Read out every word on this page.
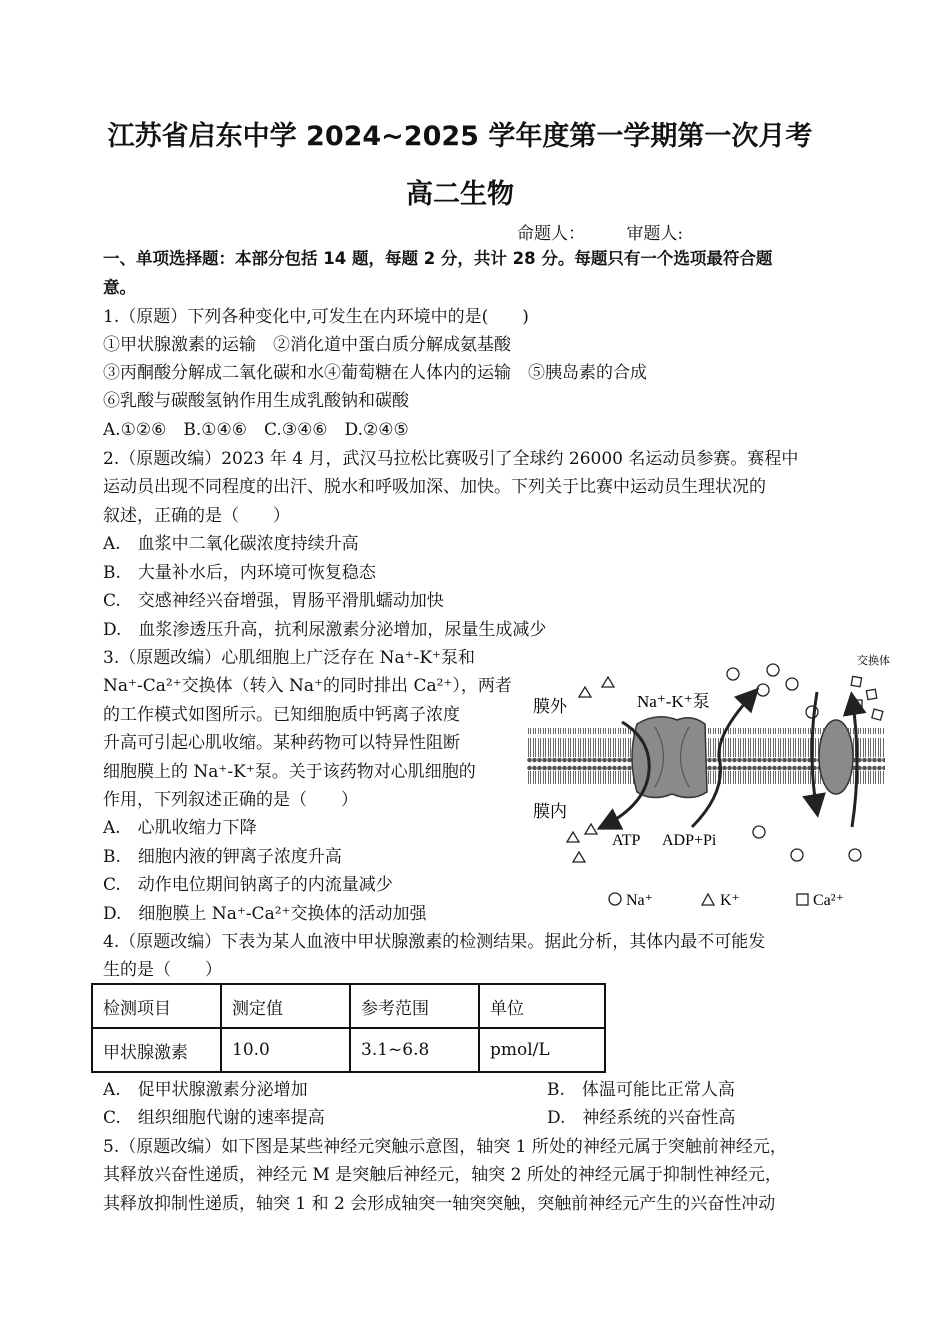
江苏省启东中学 2024~2025 学年度第一学期第一次月考
高二生物
命题人： 审题人:
一、单项选择题：本部分包括 14 题，每题 2 分，共计 28 分。每题只有一个选项最符合题
意。
1.（原题）下列各种变化中,可发生在内环境中的是(　　)
①甲状腺激素的运输　②消化道中蛋白质分解成氨基酸
③丙酮酸分解成二氧化碳和水④葡萄糖在人体内的运输　⑤胰岛素的合成
⑥乳酸与碳酸氢钠作用生成乳酸钠和碳酸
A.①②⑥　B.①④⑥　C.③④⑥　D.②④⑤
2.（原题改编）2023 年 4 月，武汉马拉松比赛吸引了全球约 26000 名运动员参赛。赛程中
运动员出现不同程度的出汗、脱水和呼吸加深、加快。下列关于比赛中运动员生理状况的
叙述，正确的是（　　）
A.　血浆中二氧化碳浓度持续升高
B.　大量补水后，内环境可恢复稳态
C.　交感神经兴奋增强，胃肠平滑肌蠕动加快
D.　血浆渗透压升高，抗利尿激素分泌增加，尿量生成减少
3.（原题改编）心肌细胞上广泛存在 Na⁺-K⁺泵和
Na⁺-Ca²⁺交换体（转入 Na⁺的同时排出 Ca²⁺），两者
的工作模式如图所示。已知细胞质中钙离子浓度
升高可引起心肌收缩。某种药物可以特异性阻断
细胞膜上的 Na⁺-K⁺泵。关于该药物对心肌细胞的
作用，下列叙述正确的是（　　）
A.　心肌收缩力下降
B.　细胞内液的钾离子浓度升高
C.　动作电位期间钠离子的内流量减少
D.　细胞膜上 Na⁺-Ca²⁺交换体的活动加强
膜外
膜内
Na⁺-K⁺泵
ATP ADP+Pi
交换体
Na⁺	K⁺	Ca²⁺
4.（原题改编）下表为某人血液中甲状腺激素的检测结果。据此分析，其体内最不可能发
生的是（　　）
检测项目	测定值	参考范围	单位
甲状腺激素	10.0	3.1~6.8	pmol/L
A.　促甲状腺激素分泌增加	B.　体温可能比正常人高
C.　组织细胞代谢的速率提高	D.　神经系统的兴奋性高
5.（原题改编）如下图是某些神经元突触示意图，轴突 1 所处的神经元属于突触前神经元，
其释放兴奋性递质，神经元 M 是突触后神经元，轴突 2 所处的神经元属于抑制性神经元，
其释放抑制性递质，轴突 1 和 2 会形成轴突一轴突突触，突触前神经元产生的兴奋性冲动
